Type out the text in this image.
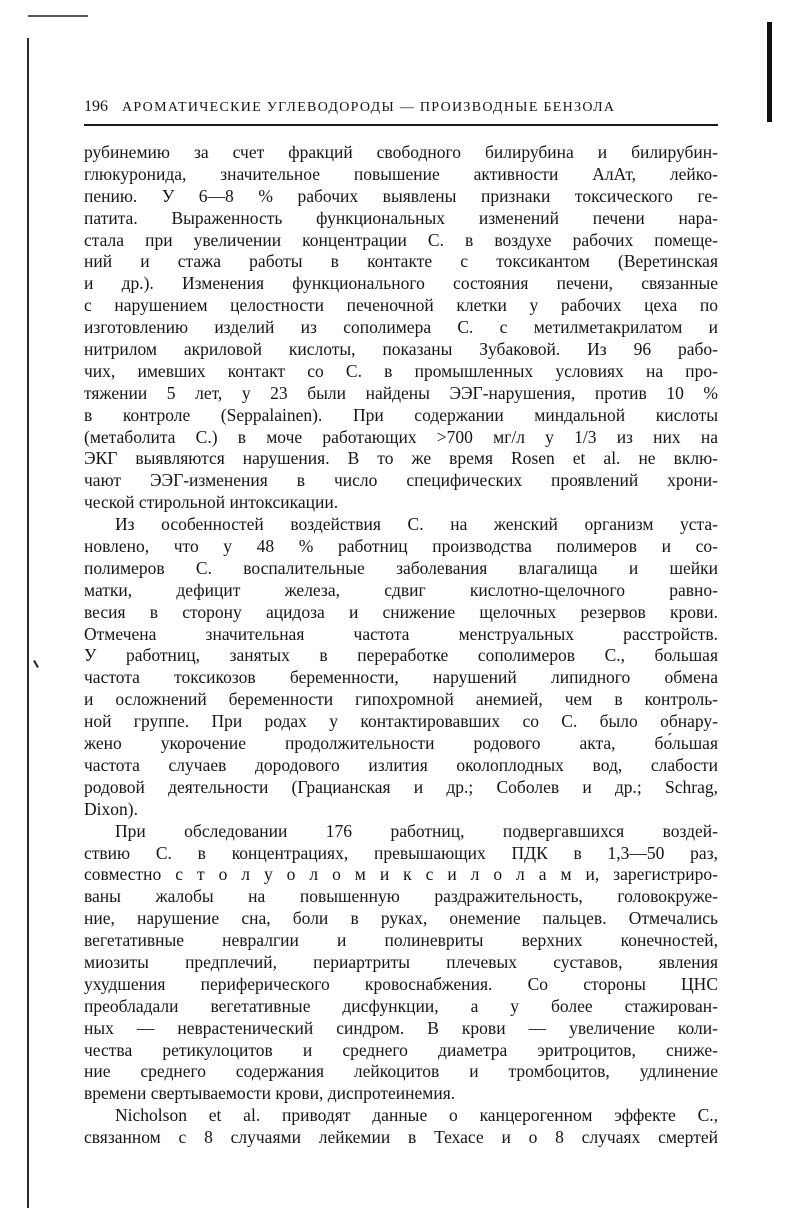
196 АРОМАТИЧЕСКИЕ УГЛЕВОДОРОДЫ — ПРОИЗВОДНЫЕ БЕНЗОЛА
рубинемию за счет фракций свободного билирубина и билирубин-
глюкуронида, значительное повышение активности АлАт, лейко-
пению. У 6—8 % рабочих выявлены признаки токсического ге-
патита. Выраженность функциональных изменений печени нара-
стала при увеличении концентрации С. в воздухе рабочих помеще-
ний и стажа работы в контакте с токсикантом (Веретинская
и др.). Изменения функционального состояния печени, связанные
с нарушением целостности печеночной клетки у рабочих цеха по
изготовлению изделий из сополимера С. с метилметакрилатом и
нитрилом акриловой кислоты, показаны Зубаковой. Из 96 рабо-
чих, имевших контакт со С. в промышленных условиях на про-
тяжении 5 лет, у 23 были найдены ЭЭГ-нарушения, против 10 %
в контроле (Seppalainen). При содержании миндальной кислоты
(метаболита С.) в моче работающих >700 мг/л у 1/3 из них на
ЭКГ выявляются нарушения. В то же время Rosen et al. не вклю-
чают ЭЭГ-изменения в число специфических проявлений хрони-
ческой стирольной интоксикации.
Из особенностей воздействия С. на женский организм уста-
новлено, что у 48 % работниц производства полимеров и со-
полимеров С. воспалительные заболевания влагалища и шейки
матки, дефицит железа, сдвиг кислотно-щелочного равно-
весия в сторону ацидоза и снижение щелочных резервов крови.
Отмечена значительная частота менструальных расстройств.
У работниц, занятых в переработке сополимеров С., большая
частота токсикозов беременности, нарушений липидного обмена
и осложнений беременности гипохромной анемией, чем в контроль-
ной группе. При родах у контактировавших со С. было обнару-
жено укорочение продолжительности родового акта, бо́льшая
частота случаев дородового излития околоплодных вод, слабости
родовой деятельности (Грацианская и др.; Соболев и др.; Schrag,
Dixon).
При обследовании 176 работниц, подвергавшихся воздей-
ствию С. в концентрациях, превышающих ПДК в 1,3—50 раз,
совместно с т о л у о л о м и к с и л о л а м и, зарегистриро-
ваны жалобы на повышенную раздражительность, головокруже-
ние, нарушение сна, боли в руках, онемение пальцев. Отмечались
вегетативные невралгии и полиневриты верхних конечностей,
миозиты предплечий, периартриты плечевых суставов, явления
ухудшения периферического кровоснабжения. Со стороны ЦНС
преобладали вегетативные дисфункции, а у более стажирован-
ных — неврастенический синдром. В крови — увеличение коли-
чества ретикулоцитов и среднего диаметра эритроцитов, сниже-
ние среднего содержания лейкоцитов и тромбоцитов, удлинение
времени свертываемости крови, диспротеинемия.
Nicholson et al. приводят данные о канцерогенном эффекте С.,
связанном с 8 случаями лейкемии в Техасе и о 8 случаях смертей
